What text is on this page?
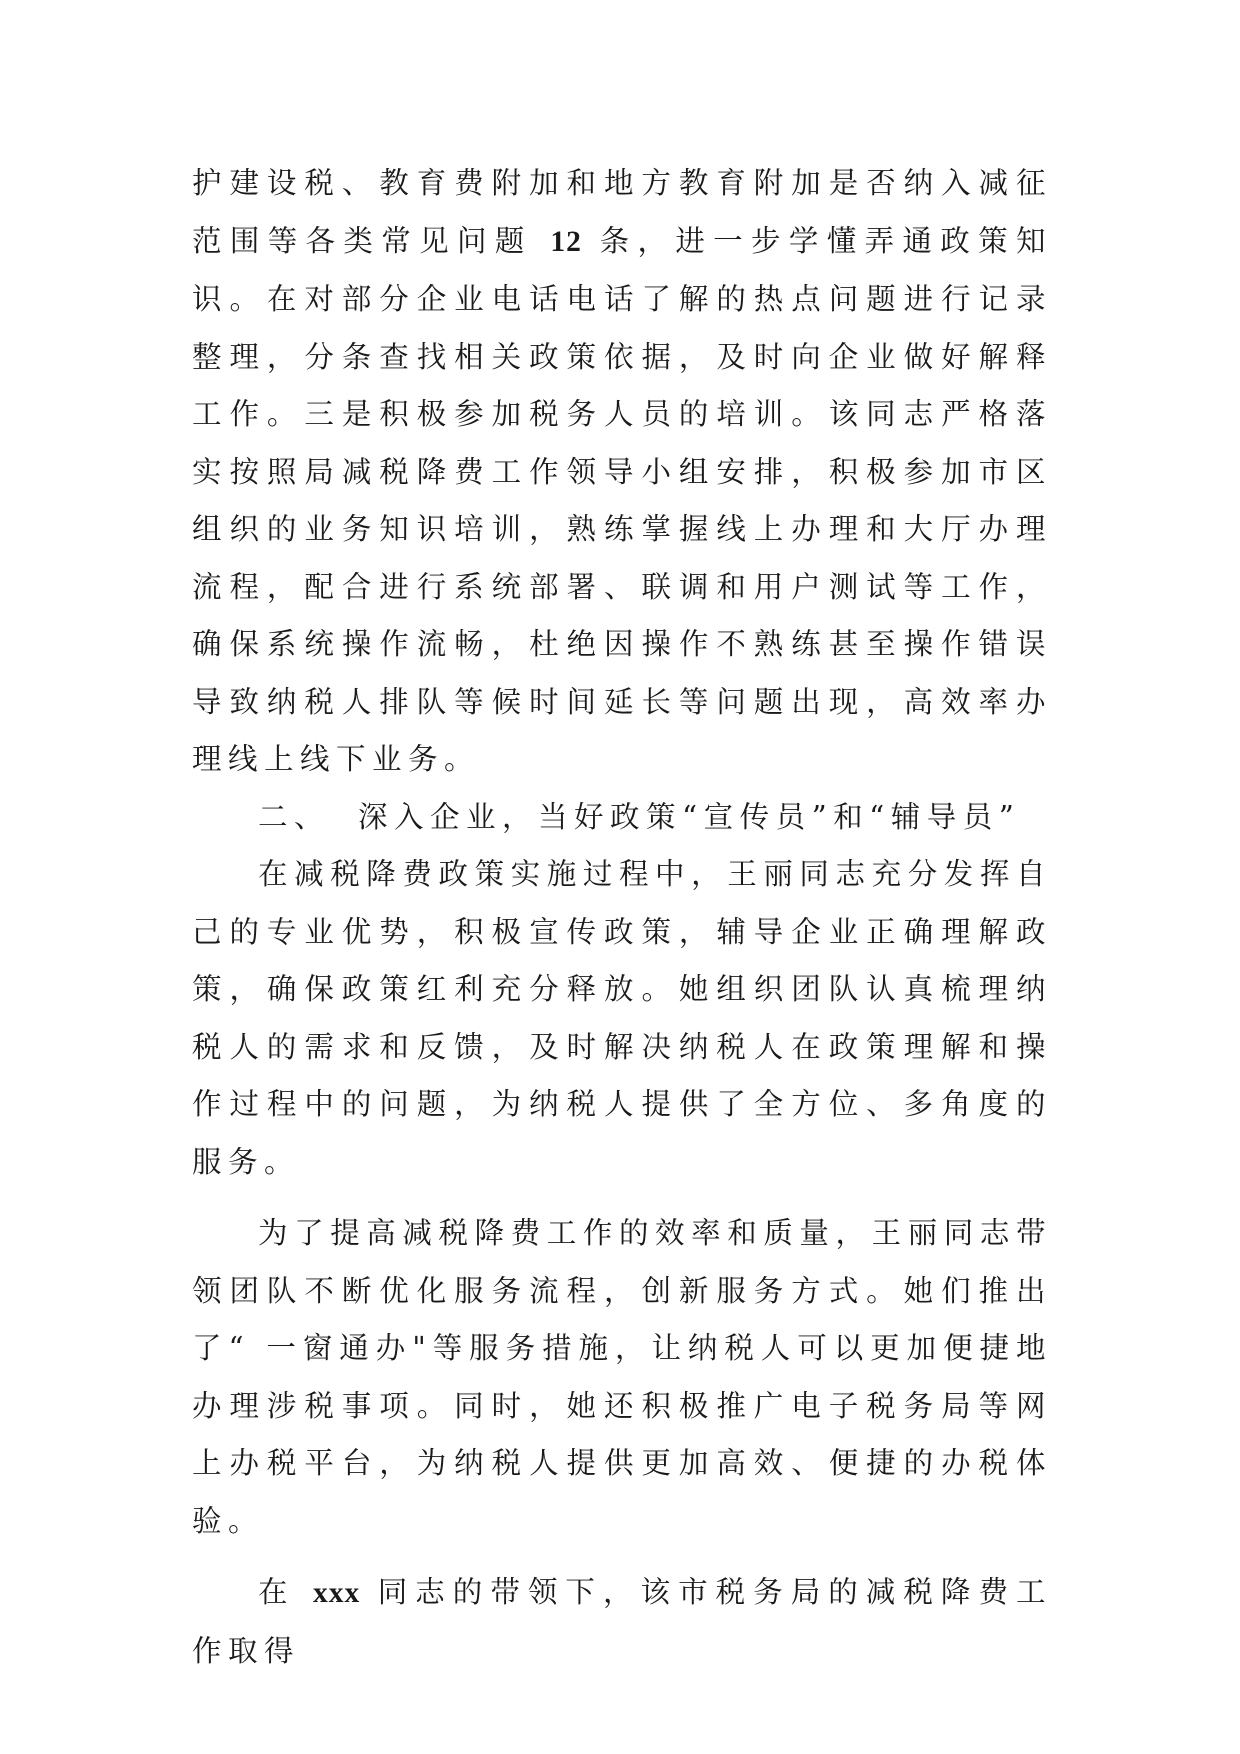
护建设税、教育费附加和地方教育附加是否纳入减征范围等各类常见问题 12 条，进一步学懂弄通政策知识。在对部分企业电话电话了解的热点问题进行记录整理，分条查找相关政策依据，及时向企业做好解释工作。三是积极参加税务人员的培训。该同志严格落实按照局减税降费工作领导小组安排，积极参加市区组织的业务知识培训，熟练掌握线上办理和大厅办理流程，配合进行系统部署、联调和用户测试等工作，确保系统操作流畅，杜绝因操作不熟练甚至操作错误导致纳税人排队等候时间延长等问题出现，高效率办理线上线下业务。

二、 深入企业，当好政策“宣传员”和“辅导员”

在减税降费政策实施过程中，王丽同志充分发挥自己的专业优势，积极宣传政策，辅导企业正确理解政策，确保政策红利充分释放。她组织团队认真梳理纳税人的需求和反馈，及时解决纳税人在政策理解和操作过程中的问题，为纳税人提供了全方位、多角度的服务。

为了提高减税降费工作的效率和质量，王丽同志带领团队不断优化服务流程，创新服务方式。她们推出了“ 一窗通办"等服务措施，让纳税人可以更加便捷地办理涉税事项。同时，她还积极推广电子税务局等网上办税平台，为纳税人提供更加高效、便捷的办税体验。

在 xxx 同志的带领下，该市税务局的减税降费工作取得
